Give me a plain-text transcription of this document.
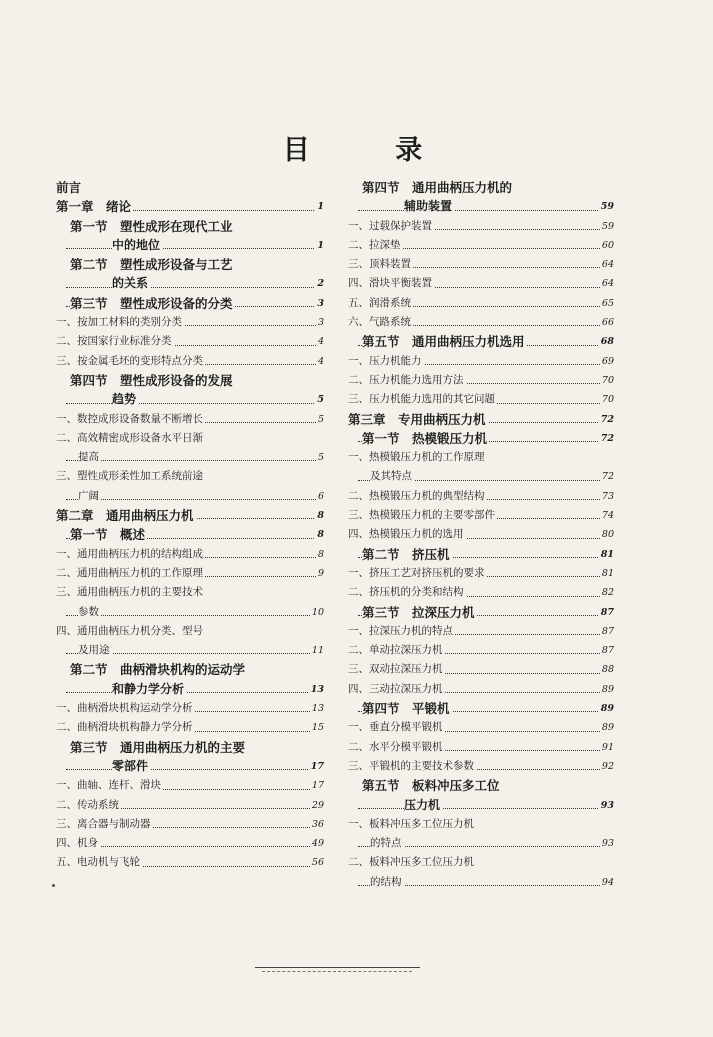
目 录
前言
第一章　绪论	1
第一节　塑性成形在现代工业
中的地位	1
第二节　塑性成形设备与工艺
的关系	2
第三节　塑性成形设备的分类	3
一、按加工材料的类别分类	3
二、按国家行业标准分类	4
三、按金属毛坯的变形特点分类	4
第四节　塑性成形设备的发展
趋势	5
一、数控成形设备数量不断增长	5
二、高效精密成形设备水平日渐
提高	5
三、塑性成形柔性加工系统前途
广阔	6
第二章　通用曲柄压力机	8
第一节　概述	8
一、通用曲柄压力机的结构组成	8
二、通用曲柄压力机的工作原理	9
三、通用曲柄压力机的主要技术
参数	10
四、通用曲柄压力机分类、型号
及用途	11
第二节　曲柄滑块机构的运动学
和静力学分析	13
一、曲柄滑块机构运动学分析	13
二、曲柄滑块机构静力学分析	15
第三节　通用曲柄压力机的主要
零部件	17
一、曲轴、连杆、滑块	17
二、传动系统	29
三、离合器与制动器	36
四、机身	49
五、电动机与飞轮	56
第四节　通用曲柄压力机的
辅助装置	59
一、过载保护装置	59
二、拉深垫	60
三、顶料装置	64
四、滑块平衡装置	64
五、润滑系统	65
六、气路系统	66
第五节　通用曲柄压力机选用	68
一、压力机能力	69
二、压力机能力选用方法	70
三、压力机能力选用的其它问题	70
第三章　专用曲柄压力机	72
第一节　热模锻压力机	72
一、热模锻压力机的工作原理
及其特点	72
二、热模锻压力机的典型结构	73
三、热模锻压力机的主要零部件	74
四、热模锻压力机的选用	80
第二节　挤压机	81
一、挤压工艺对挤压机的要求	81
二、挤压机的分类和结构	82
第三节　拉深压力机	87
一、拉深压力机的特点	87
二、单动拉深压力机	87
三、双动拉深压力机	88
四、三动拉深压力机	89
第四节　平锻机	89
一、垂直分模平锻机	89
二、水平分模平锻机	91
三、平锻机的主要技术参数	92
第五节　板料冲压多工位
压力机	93
一、板料冲压多工位压力机
的特点	93
二、板料冲压多工位压力机
的结构	94
